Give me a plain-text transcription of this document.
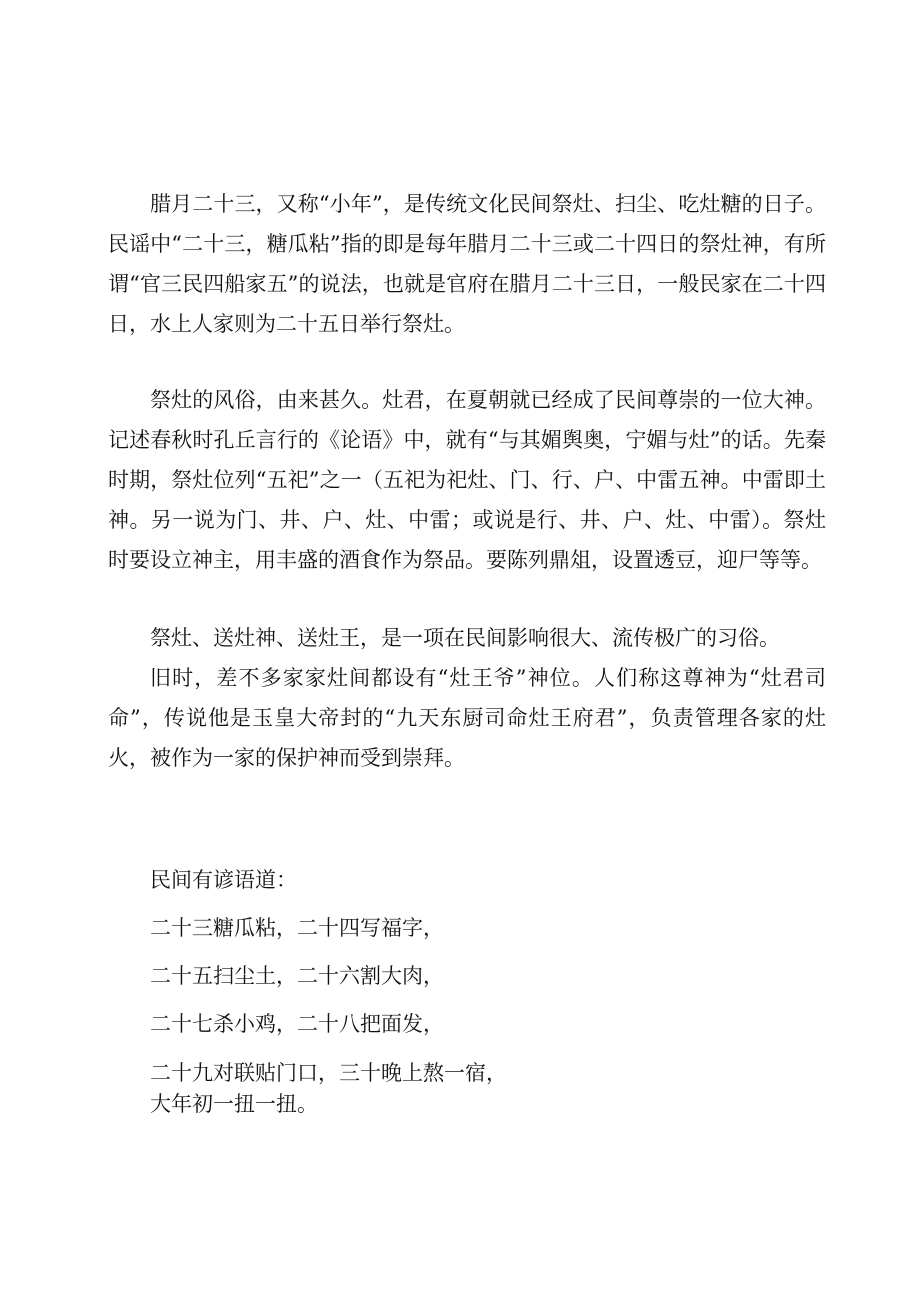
腊月二十三，又称“小年”，是传统文化民间祭灶、扫尘、吃灶糖的日子。民谣中“二十三，糖瓜粘”指的即是每年腊月二十三或二十四日的祭灶神，有所谓“官三民四船家五”的说法，也就是官府在腊月二十三日，一般民家在二十四日，水上人家则为二十五日举行祭灶。

祭灶的风俗，由来甚久。灶君，在夏朝就已经成了民间尊崇的一位大神。记述春秋时孔丘言行的《论语》中，就有“与其媚舆奥，宁媚与灶”的话。先秦时期，祭灶位列“五祀”之一（五祀为祀灶、门、行、户、中雷五神。中雷即土神。另一说为门、井、户、灶、中雷；或说是行、井、户、灶、中雷）。祭灶时要设立神主，用丰盛的酒食作为祭品。要陈列鼎俎，设置透豆，迎尸等等。

祭灶、送灶神、送灶王，是一项在民间影响很大、流传极广的习俗。

旧时，差不多家家灶间都设有“灶王爷”神位。人们称这尊神为“灶君司命”，传说他是玉皇大帝封的“九天东厨司命灶王府君”，负责管理各家的灶火，被作为一家的保护神而受到崇拜。

民间有谚语道：

二十三糖瓜粘，二十四写福字，

二十五扫尘土，二十六割大肉，

二十七杀小鸡，二十八把面发，

二十九对联贴门口，三十晚上熬一宿，

大年初一扭一扭。
